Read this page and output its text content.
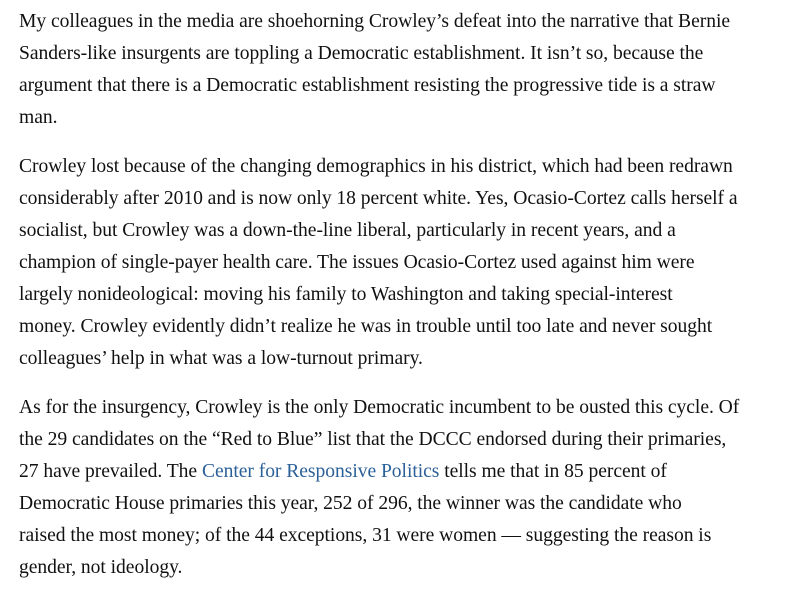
My colleagues in the media are shoehorning Crowley’s defeat into the narrative that Bernie
Sanders-like insurgents are toppling a Democratic establishment. It isn’t so, because the
argument that there is a Democratic establishment resisting the progressive tide is a straw
man.

Crowley lost because of the changing demographics in his district, which had been redrawn
considerably after 2010 and is now only 18 percent white. Yes, Ocasio-Cortez calls herself a
socialist, but Crowley was a down-the-line liberal, particularly in recent years, and a
champion of single-payer health care. The issues Ocasio-Cortez used against him were
largely nonideological: moving his family to Washington and taking special-interest
money. Crowley evidently didn’t realize he was in trouble until too late and never sought
colleagues’ help in what was a low-turnout primary.

As for the insurgency, Crowley is the only Democratic incumbent to be ousted this cycle. Of
the 29 candidates on the “Red to Blue” list that the DCCC endorsed during their primaries,
27 have prevailed. The Center for Responsive Politics tells me that in 85 percent of
Democratic House primaries this year, 252 of 296, the winner was the candidate who
raised the most money; of the 44 exceptions, 31 were women — suggesting the reason is
gender, not ideology.
